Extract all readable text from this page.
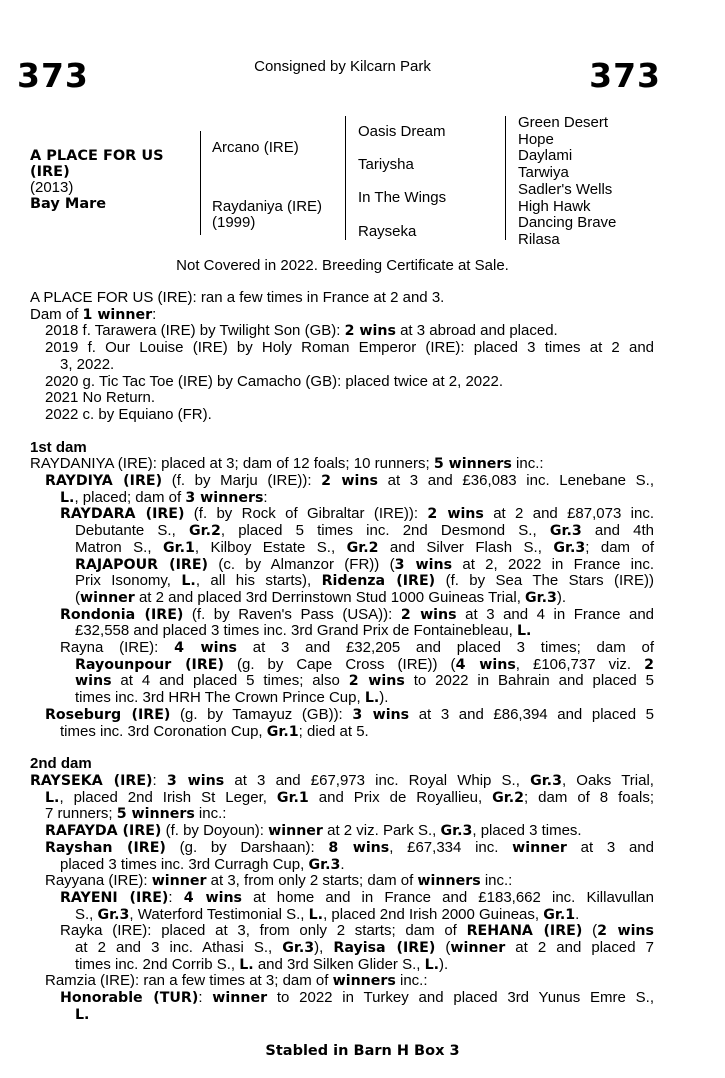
373	Consigned by Kilcarn Park	373
A PLACE FOR US
(IRE)
(2013)
Bay Mare
Arcano (IRE)
Raydaniya (IRE)
(1999)
Oasis Dream
Tariysha
In The Wings
Rayseka
Green Desert
Hope
Daylami
Tarwiya
Sadler's Wells
High Hawk
Dancing Brave
Rilasa
Not Covered in 2022. Breeding Certificate at Sale.
A PLACE FOR US (IRE): ran a few times in France at 2 and 3.
Dam of 1 winner:
2018 f. Tarawera (IRE) by Twilight Son (GB): 2 wins at 3 abroad and placed.
2019 f. Our Louise (IRE) by Holy Roman Emperor (IRE): placed 3 times at 2 and
3, 2022.
2020 g. Tic Tac Toe (IRE) by Camacho (GB): placed twice at 2, 2022.
2021 No Return.
2022 c. by Equiano (FR).
1st dam
RAYDANIYA (IRE): placed at 3; dam of 12 foals; 10 runners; 5 winners inc.:
RAYDIYA (IRE) (f. by Marju (IRE)): 2 wins at 3 and £36,083 inc. Lenebane S.,
L., placed; dam of 3 winners:
RAYDARA (IRE) (f. by Rock of Gibraltar (IRE)): 2 wins at 2 and £87,073 inc.
Debutante S., Gr.2, placed 5 times inc. 2nd Desmond S., Gr.3 and 4th
Matron S., Gr.1, Kilboy Estate S., Gr.2 and Silver Flash S., Gr.3; dam of
RAJAPOUR (IRE) (c. by Almanzor (FR)) (3 wins at 2, 2022 in France inc.
Prix Isonomy, L., all his starts), Ridenza (IRE) (f. by Sea The Stars (IRE))
(winner at 2 and placed 3rd Derrinstown Stud 1000 Guineas Trial, Gr.3).
Rondonia (IRE) (f. by Raven's Pass (USA)): 2 wins at 3 and 4 in France and
£32,558 and placed 3 times inc. 3rd Grand Prix de Fontainebleau, L.
Rayna (IRE): 4 wins at 3 and £32,205 and placed 3 times; dam of
Rayounpour (IRE) (g. by Cape Cross (IRE)) (4 wins, £106,737 viz. 2
wins at 4 and placed 5 times; also 2 wins to 2022 in Bahrain and placed 5
times inc. 3rd HRH The Crown Prince Cup, L.).
Roseburg (IRE) (g. by Tamayuz (GB)): 3 wins at 3 and £86,394 and placed 5
times inc. 3rd Coronation Cup, Gr.1; died at 5.
2nd dam
RAYSEKA (IRE): 3 wins at 3 and £67,973 inc. Royal Whip S., Gr.3, Oaks Trial,
L., placed 2nd Irish St Leger, Gr.1 and Prix de Royallieu, Gr.2; dam of 8 foals;
7 runners; 5 winners inc.:
RAFAYDA (IRE) (f. by Doyoun): winner at 2 viz. Park S., Gr.3, placed 3 times.
Rayshan (IRE) (g. by Darshaan): 8 wins, £67,334 inc. winner at 3 and
placed 3 times inc. 3rd Curragh Cup, Gr.3.
Rayyana (IRE): winner at 3, from only 2 starts; dam of winners inc.:
RAYENI (IRE): 4 wins at home and in France and £183,662 inc. Killavullan
S., Gr.3, Waterford Testimonial S., L., placed 2nd Irish 2000 Guineas, Gr.1.
Rayka (IRE): placed at 3, from only 2 starts; dam of REHANA (IRE) (2 wins
at 2 and 3 inc. Athasi S., Gr.3), Rayisa (IRE) (winner at 2 and placed 7
times inc. 2nd Corrib S., L. and 3rd Silken Glider S., L.).
Ramzia (IRE): ran a few times at 3; dam of winners inc.:
Honorable (TUR): winner to 2022 in Turkey and placed 3rd Yunus Emre S.,
L.
Stabled in Barn H Box 3
